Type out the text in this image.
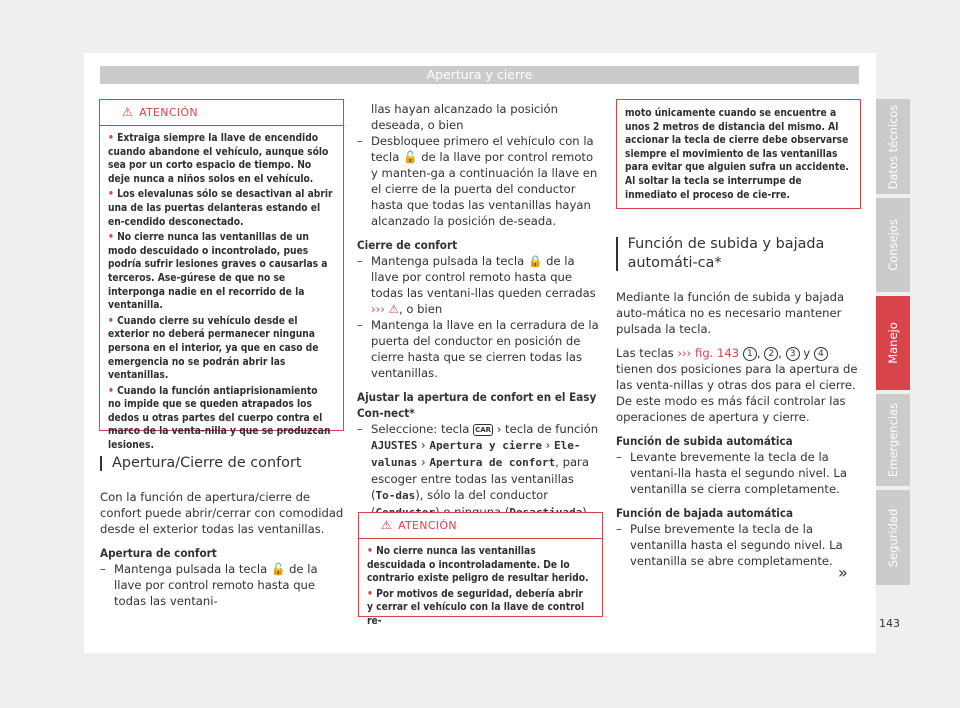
Apertura y cierre
⚠ ATENCIÓN
• Extraiga siempre la llave de encendido cuando abandone el vehículo, aunque sólo sea por un corto espacio de tiempo. No deje nunca a niños solos en el vehículo.
• Los elevalunas sólo se desactivan al abrir una de las puertas delanteras estando el en-cendido desconectado.
• No cierre nunca las ventanillas de un modo descuidado o incontrolado, pues podría sufrir lesiones graves o causarlas a terceros. Ase-gúrese de que no se interponga nadie en el recorrido de la ventanilla.
• Cuando cierre su vehículo desde el exterior no deberá permanecer ninguna persona en el interior, ya que en caso de emergencia no se podrán abrir las ventanillas.
• Cuando la función antiaprisionamiento no impide que se queden atrapados los dedos u otras partes del cuerpo contra el marco de la venta-nilla y que se produzcan lesiones.
Apertura/Cierre de confort

Con la función de apertura/cierre de confort puede abrir/cerrar con comodidad desde el exterior todas las ventanillas.

Apertura de confort

– Mantenga pulsada la tecla 🔓 de la llave por control remoto hasta que todas las ventani-
llas hayan alcanzado la posición deseada, o bien
– Desbloquee primero el vehículo con la tecla 🔓 de la llave por control remoto y manten-ga a continuación la llave en el cierre de la puerta del conductor hasta que todas las ventanillas hayan alcanzado la posición de-seada.

Cierre de confort

– Mantenga pulsada la tecla 🔒 de la llave por control remoto hasta que todas las ventani-llas queden cerradas ››› ⚠, o bien
– Mantenga la llave en la cerradura de la puerta del conductor en posición de cierre hasta que se cierren todas las ventanillas.

Ajustar la apertura de confort en el Easy Con-nect*

– Seleccione: tecla CAR › tecla de función AJUSTES › Apertura y cierre › Ele-valunas › Apertura de confort, para escoger entre todas las ventanillas (To-das), sólo la del conductor
⚠ ATENCIÓN
• No cierre nunca las ventanillas descuidada o incontroladamente. De lo contrario existe peligro de resultar herido.
• Por motivos de seguridad, debería abrir y cerrar el vehículo con la llave de control re-
moto únicamente cuando se encuentre a unos 2 metros de distancia del mismo. Al accionar la tecla de cierre debe observarse siempre el movimiento de las ventanillas para evitar que alguien sufra un accidente. Al soltar la tecla se interrumpe de inmediato el proceso de cie-rre.
Función de subida y bajada automáti-ca*

Mediante la función de subida y bajada auto-mática no es necesario mantener pulsada la tecla.

Las teclas ››› fig. 143 1 , 2 , 3 y 4 tienen dos posiciones para la apertura de las venta-nillas y otras dos para el cierre. De este modo es más fácil controlar las operaciones de apertura y cierre.

Función de subida automática

– Levante brevemente la tecla de la ventani-lla hasta el segundo nivel. La ventanilla se cierra completamente.

Función de bajada automática

– Pulse brevemente la tecla de la ventanilla hasta el segundo nivel. La ventanilla se abre completamente.
»
Datos técnicos
Consejos
Manejo
Emergencias
Seguridad
143
